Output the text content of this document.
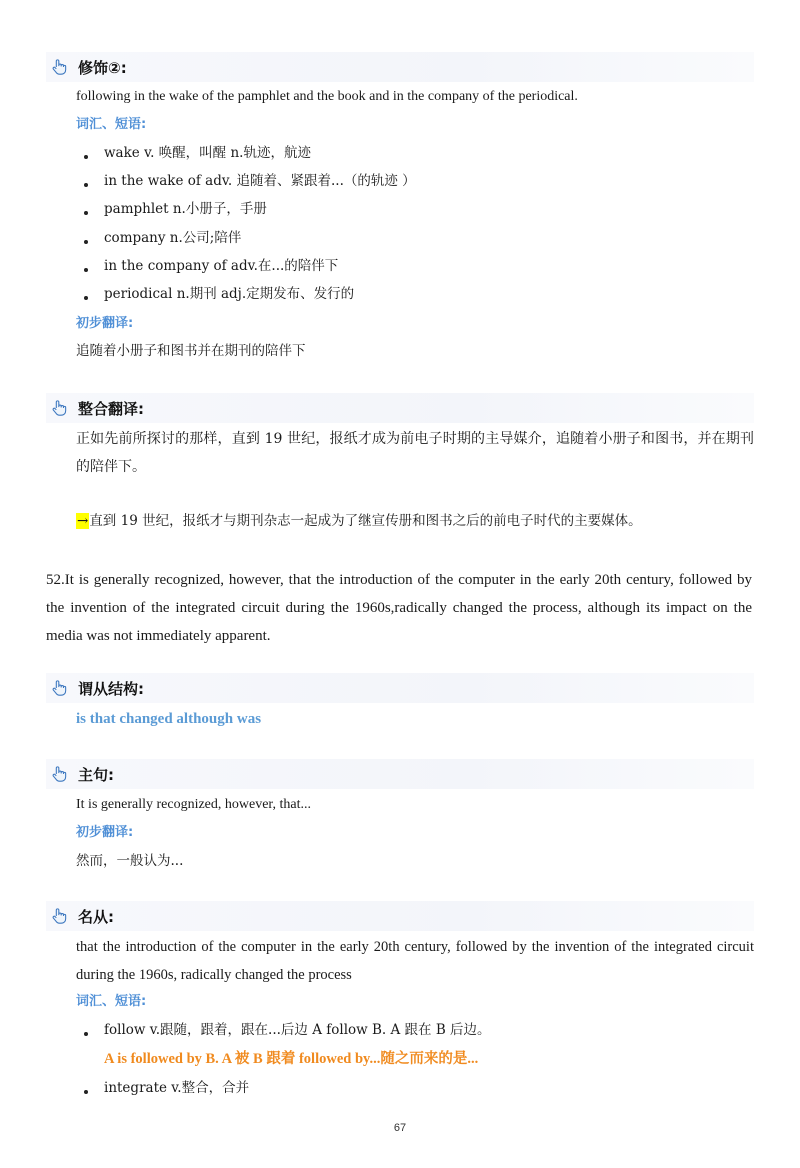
修饰②:
following in the wake of the pamphlet and the book and in the company of the periodical.
词汇、短语:
wake v. 唤醒，叫醒 n.轨迹，航迹
in the wake of adv. 追随着、紧跟着...（的轨迹 ）
pamphlet n.小册子，手册
company n.公司;陪伴
in the company of adv.在...的陪伴下
periodical n.期刊 adj.定期发布、发行的
初步翻译:
追随着小册子和图书并在期刊的陪伴下
整合翻译:
正如先前所探讨的那样，直到 19 世纪，报纸才成为前电子时期的主导媒介，追随着小册子和图书，并在期刊的陪伴下。
→直到 19 世纪，报纸才与期刊杂志一起成为了继宣传册和图书之后的前电子时代的主要媒体。
52.It is generally recognized, however, that the introduction of the computer in the early 20th century, followed by the invention of the integrated circuit during the 1960s,radically changed the process, although its impact on the media was not immediately apparent.
谓从结构:
is that changed although was
主句:
It is generally recognized, however, that...
初步翻译:
然而，一般认为...
名从:
that the introduction of the computer in the early 20th century, followed by the invention of the integrated circuit during the 1960s, radically changed the process
词汇、短语:
follow v.跟随，跟着，跟在...后边 A follow B. A 跟在 B 后边。
A is followed by B. A 被 B 跟着 followed by...随之而来的是...
integrate v.整合，合并
67
